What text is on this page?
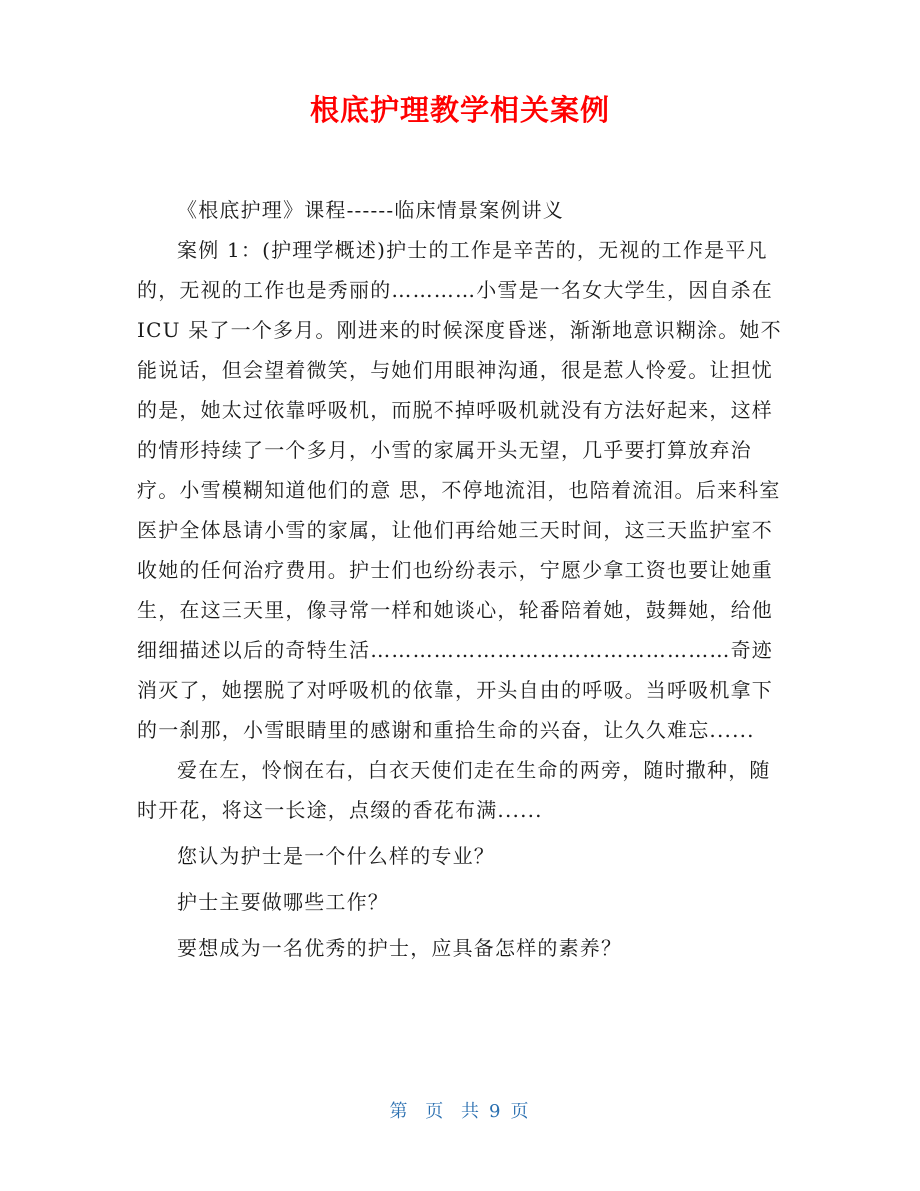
根底护理教学相关案例

《根底护理》课程------临床情景案例讲义

案例 1：(护理学概述)护士的工作是辛苦的，无视的工作是平凡的，无视的工作也是秀丽的…………小雪是一名女大学生，因自杀在 ICU 呆了一个多月。刚进来的时候深度昏迷，渐渐地意识糊涂。她不能说话，但会望着微笑，与她们用眼神沟通，很是惹人怜爱。让担忧的是，她太过依靠呼吸机，而脱不掉呼吸机就没有方法好起来，这样的情形持续了一个多月，小雪的家属开头无望，几乎要打算放弃治疗。小雪模糊知道他们的意 思，不停地流泪，也陪着流泪。后来科室医护全体恳请小雪的家属，让他们再给她三天时间，这三天监护室不收她的任何治疗费用。护士们也纷纷表示，宁愿少拿工资也要让她重生，在这三天里，像寻常一样和她谈心，轮番陪着她，鼓舞她，给他细细描述以后的奇特生活……………………………………………奇迹消灭了，她摆脱了对呼吸机的依靠，开头自由的呼吸。当呼吸机拿下的一刹那，小雪眼睛里的感谢和重拾生命的兴奋，让久久难忘......

爱在左，怜悯在右，白衣天使们走在生命的两旁，随时撒种，随时开花，将这一长途，点缀的香花布满......

您认为护士是一个什么样的专业？

护士主要做哪些工作？

要想成为一名优秀的护士，应具备怎样的素养？

第 页 共 9 页
